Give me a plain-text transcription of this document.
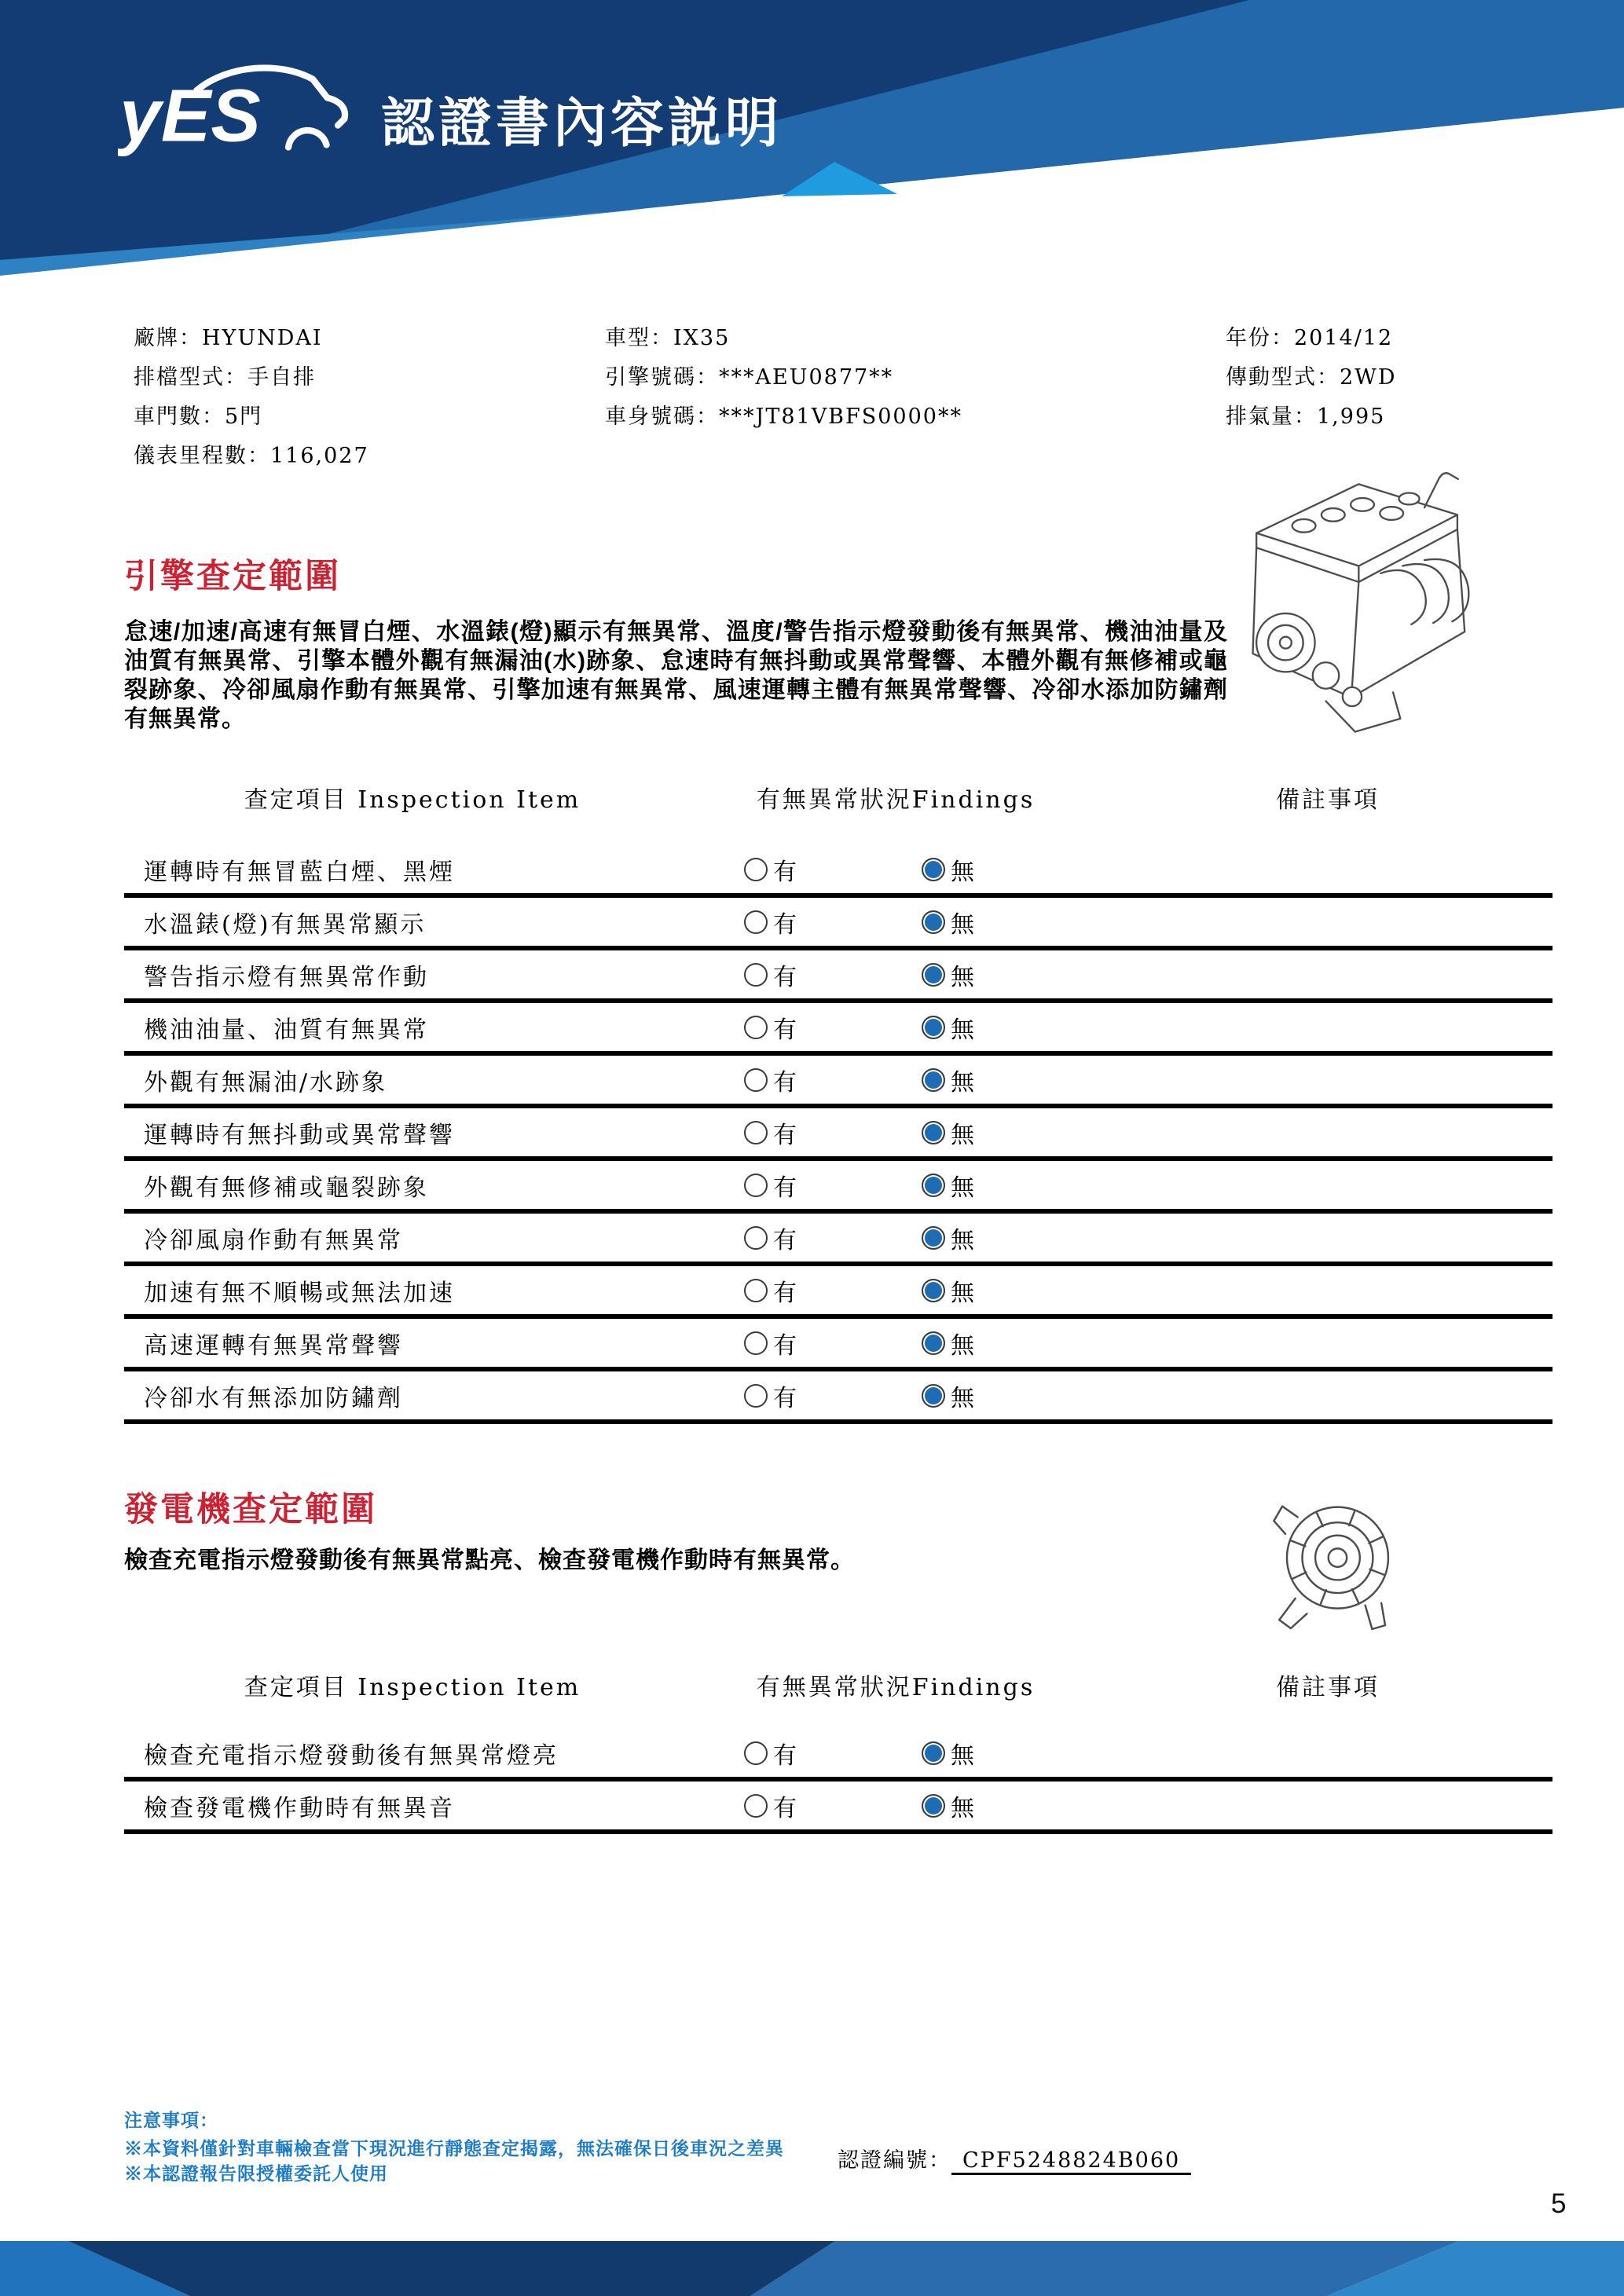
yES 認證書內容説明
廠牌：HYUNDAI
排檔型式：手自排
車門數：5門
儀表里程數：116,027
車型：IX35
引擎號碼：***AEU0877**
車身號碼：***JT81VBFS0000**
年份：2014/12
傳動型式：2WD
排氣量：1,995
引擎查定範圍
怠速/加速/高速有無冒白煙、水溫錶(燈)顯示有無異常、溫度/警告指示燈發動後有無異常、機油油量及油質有無異常、引擎本體外觀有無漏油(水)跡象、怠速時有無抖動或異常聲響、本體外觀有無修補或龜裂跡象、冷卻風扇作動有無異常、引擎加速有無異常、風速運轉主體有無異常聲響、冷卻水添加防鏽劑有無異常。
查定項目 Inspection Item	有無異常狀況Findings	備註事項
運轉時有無冒藍白煙、黑煙	有	無
水溫錶(燈)有無異常顯示	有	無
警告指示燈有無異常作動	有	無
機油油量、油質有無異常	有	無
外觀有無漏油/水跡象	有	無
運轉時有無抖動或異常聲響	有	無
外觀有無修補或龜裂跡象	有	無
冷卻風扇作動有無異常	有	無
加速有無不順暢或無法加速	有	無
高速運轉有無異常聲響	有	無
冷卻水有無添加防鏽劑	有	無
發電機查定範圍
檢查充電指示燈發動後有無異常點亮、檢查發電機作動時有無異常。
查定項目 Inspection Item	有無異常狀況Findings	備註事項
檢查充電指示燈發動後有無異常燈亮	有	無
檢查發電機作動時有無異音	有	無
注意事項：
※本資料僅針對車輛檢查當下現況進行靜態查定揭露，無法確保日後車況之差異
※本認證報告限授權委託人使用
認證編號： CPF5248824B060
5
